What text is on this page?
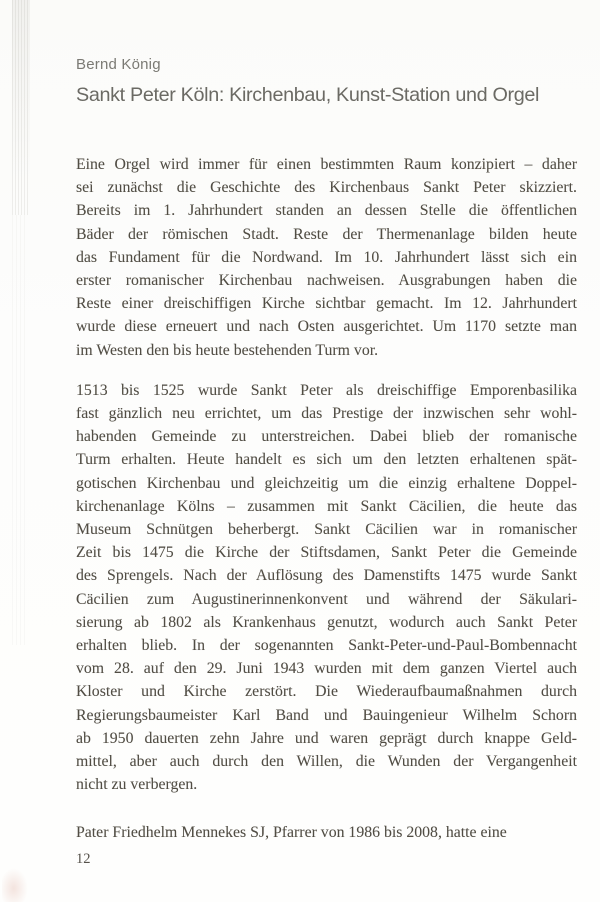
Bernd König
Sankt Peter Köln: Kirchenbau, Kunst-Station und Orgel
Eine Orgel wird immer für einen bestimmten Raum konzipiert – daher
sei zunächst die Geschichte des Kirchenbaus Sankt Peter skizziert.
Bereits im 1. Jahrhundert standen an dessen Stelle die öffentlichen
Bäder der römischen Stadt. Reste der Thermenanlage bilden heute
das Fundament für die Nordwand. Im 10. Jahrhundert lässt sich ein
erster romanischer Kirchenbau nachweisen. Ausgrabungen haben die
Reste einer dreischiffigen Kirche sichtbar gemacht. Im 12. Jahrhundert
wurde diese erneuert und nach Osten ausgerichtet. Um 1170 setzte man
im Westen den bis heute bestehenden Turm vor.
1513 bis 1525 wurde Sankt Peter als dreischiffige Emporenbasilika
fast gänzlich neu errichtet, um das Prestige der inzwischen sehr wohl-
habenden Gemeinde zu unterstreichen. Dabei blieb der romanische
Turm erhalten. Heute handelt es sich um den letzten erhaltenen spät-
gotischen Kirchenbau und gleichzeitig um die einzig erhaltene Doppel-
kirchenanlage Kölns – zusammen mit Sankt Cäcilien, die heute das
Museum Schnütgen beherbergt. Sankt Cäcilien war in romanischer
Zeit bis 1475 die Kirche der Stiftsdamen, Sankt Peter die Gemeinde
des Sprengels. Nach der Auflösung des Damenstifts 1475 wurde Sankt
Cäcilien zum Augustinerinnenkonvent und während der Säkulari-
sierung ab 1802 als Krankenhaus genutzt, wodurch auch Sankt Peter
erhalten blieb. In der sogenannten Sankt-Peter-und-Paul-Bombennacht
vom 28. auf den 29. Juni 1943 wurden mit dem ganzen Viertel auch
Kloster und Kirche zerstört. Die Wiederaufbaumaßnahmen durch
Regierungsbaumeister Karl Band und Bauingenieur Wilhelm Schorn
ab 1950 dauerten zehn Jahre und waren geprägt durch knappe Geld-
mittel, aber auch durch den Willen, die Wunden der Vergangenheit
nicht zu verbergen.
Pater Friedhelm Mennekes SJ, Pfarrer von 1986 bis 2008, hatte eine
12
